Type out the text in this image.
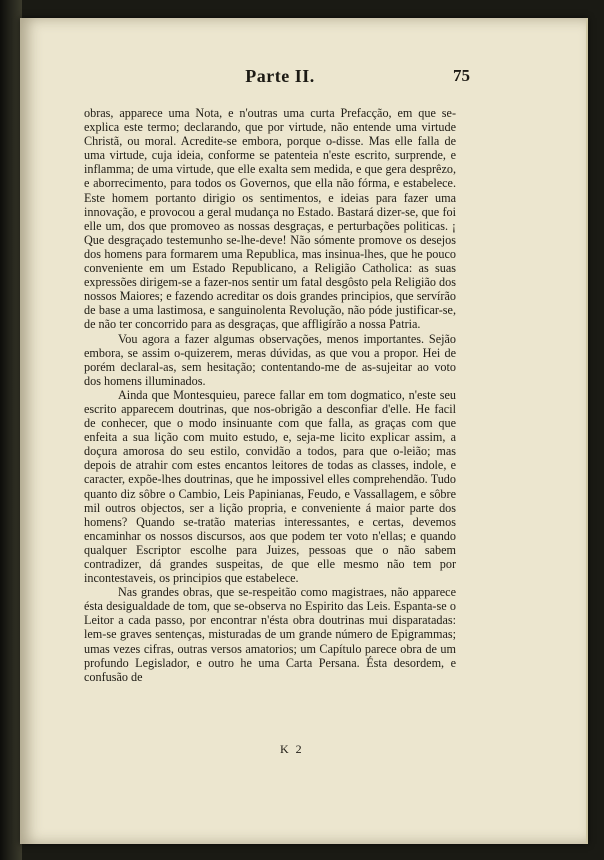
Parte II.	75

obras, apparece uma Nota, e n'outras uma curta Prefacção, em que se-explica este termo; declarando, que por virtude, não entende uma virtude Christã, ou moral. Acredite-se embora, porque o-disse. Mas elle falla de uma virtude, cuja ideia, conforme se patenteia n'este escrito, surprende, e inflamma; de uma virtude, que elle exalta sem medida, e que gera desprêzo, e aborrecimento, para todos os Governos, que ella não fórma, e estabelece. Este homem portanto dirigio os sentimentos, e ideias para fazer uma innovação, e provocou a geral mudança no Estado. Bastará dizer-se, que foi elle um, dos que promoveo as nossas desgraças, e perturbações politicas. ¡ Que desgraçado testemunho se-lhe-deve! Não sómente promove os desejos dos homens para formarem uma Republica, mas insinua-lhes, que he pouco conveniente em um Estado Republicano, a Religião Catholica: as suas expressões dirigem-se a fazer-nos sentir um fatal desgôsto pela Religião dos nossos Maiores; e fazendo acreditar os dois grandes principios, que servírão de base a uma lastimosa, e sanguinolenta Revolução, não póde justificar-se, de não ter concorrido para as desgraças, que affligírão a nossa Patria.

Vou agora a fazer algumas observações, menos importantes. Sejão embora, se assim o-quizerem, meras dúvidas, as que vou a propor. Hei de porém declaral-as, sem hesitação; contentando-me de as-sujeitar ao voto dos homens illuminados.

Ainda que Montesquieu, parece fallar em tom dogmatico, n'este seu escrito apparecem doutrinas, que nos-obrigão a desconfiar d'elle. He facil de conhecer, que o modo insinuante com que falla, as graças com que enfeita a sua lição com muito estudo, e, seja-me licito explicar assim, a doçura amorosa do seu estilo, convidão a todos, para que o-leião; mas depois de atrahir com estes encantos leitores de todas as classes, indole, e caracter, expõe-lhes doutrinas, que he impossivel elles comprehendão. Tudo quanto diz sôbre o Cambio, Leis Papinianas, Feudo, e Vassallagem, e sôbre mil outros objectos, ser a lição propria, e conveniente á maior parte dos homens? Quando se-tratão materias interessantes, e certas, devemos encaminhar os nossos discursos, aos que podem ter voto n'ellas; e quando qualquer Escriptor escolhe para Juizes, pessoas que o não sabem contradizer, dá grandes suspeitas, de que elle mesmo não tem por incontestaveis, os principios que estabelece.

Nas grandes obras, que se-respeitão como magistraes, não apparece ésta desigualdade de tom, que se-observa no Espirito das Leis. Espanta-se o Leitor a cada passo, por encontrar n'ésta obra doutrinas mui disparatadas: lem-se graves sentenças, misturadas de um grande número de Epigrammas; umas vezes cifras, outras versos amatorios; um Capítulo parece obra de um profundo Legislador, e outro he uma Carta Persana. Ésta desordem, e confusão de

K 2
